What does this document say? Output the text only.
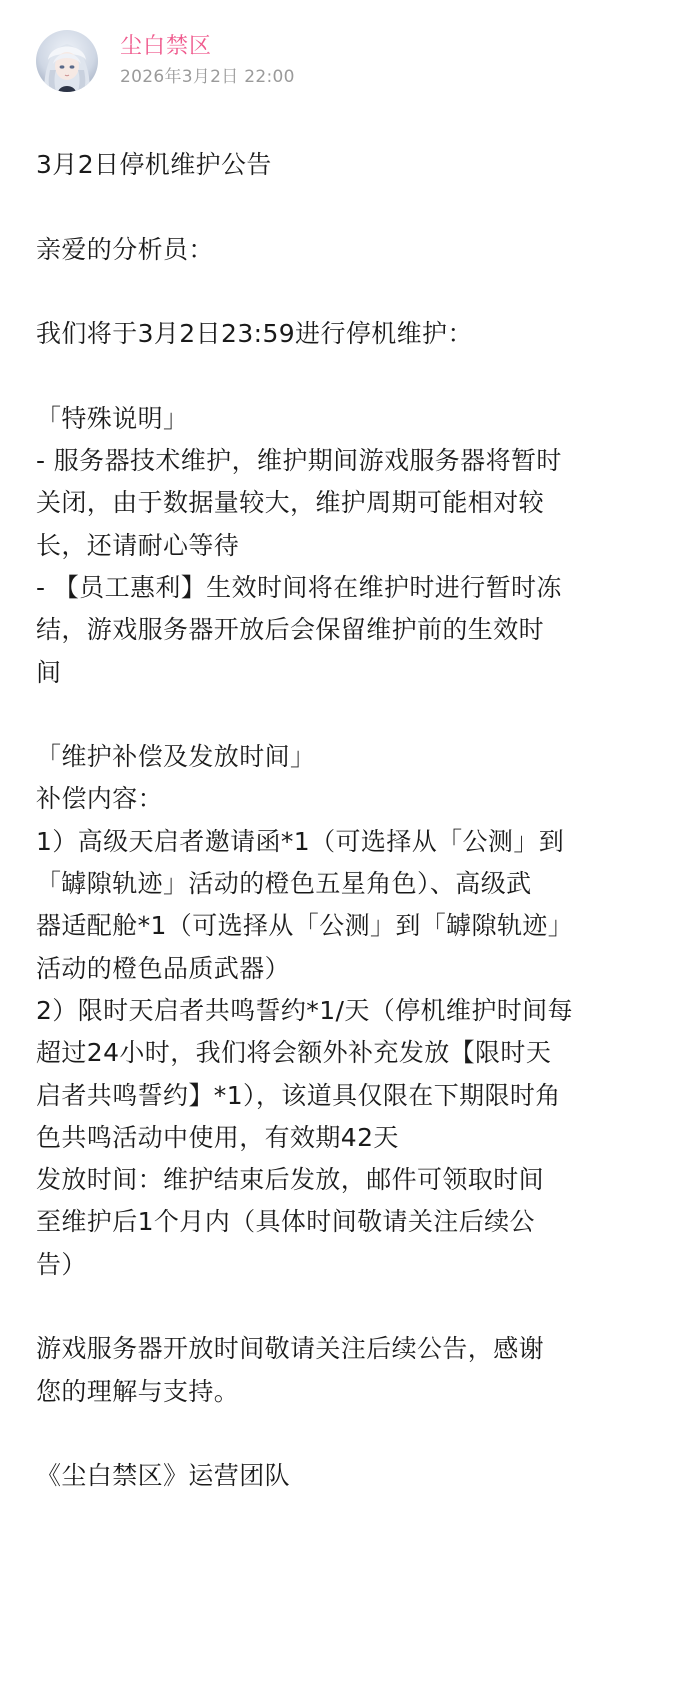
尘白禁区
2026年3月2日 22:00
3月2日停机维护公告
亲爱的分析员：
我们将于3月2日23:59进行停机维护：
「特殊说明」
- 服务器技术维护，维护期间游戏服务器将暂时
关闭，由于数据量较大，维护周期可能相对较
长，还请耐心等待
- 【员工惠利】生效时间将在维护时进行暂时冻
结，游戏服务器开放后会保留维护前的生效时
间
「维护补偿及发放时间」
补偿内容：
1）高级天启者邀请函*1（可选择从「公测」到
「罅隙轨迹」活动的橙色五星角色）、高级武
器适配舱*1（可选择从「公测」到「罅隙轨迹」
活动的橙色品质武器）
2）限时天启者共鸣誓约*1/天（停机维护时间每
超过24小时，我们将会额外补充发放【限时天
启者共鸣誓约】*1），该道具仅限在下期限时角
色共鸣活动中使用，有效期42天
发放时间：维护结束后发放，邮件可领取时间
至维护后1个月内（具体时间敬请关注后续公
告）
游戏服务器开放时间敬请关注后续公告，感谢
您的理解与支持。
《尘白禁区》运营团队
